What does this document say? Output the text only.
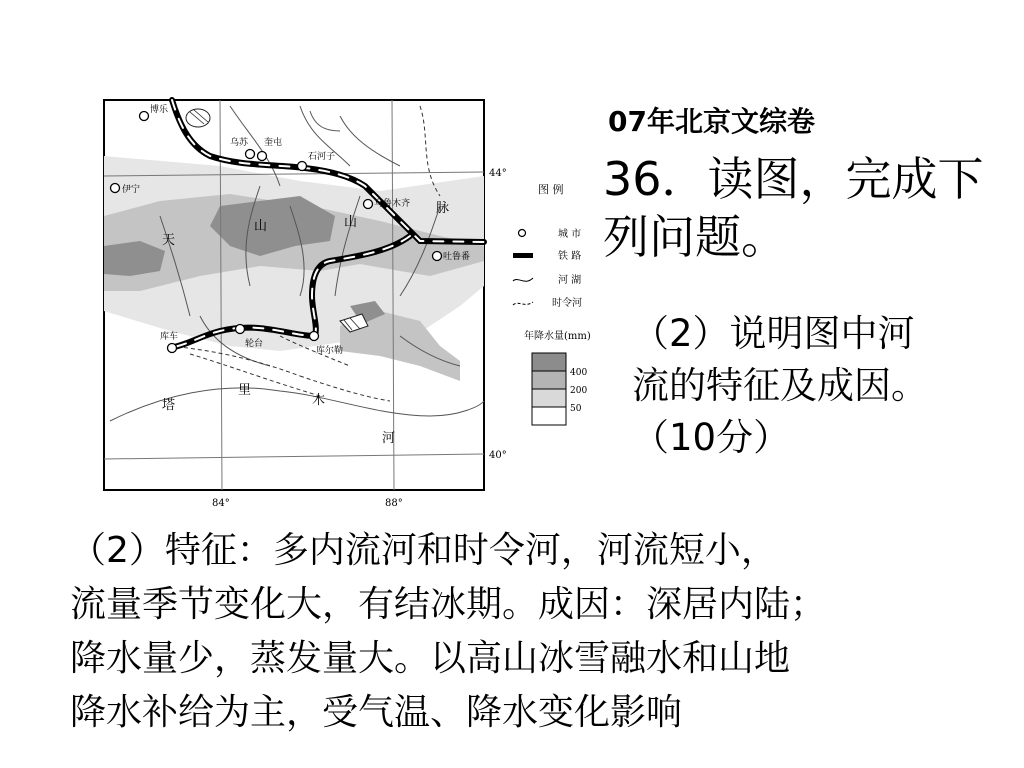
博乐
乌苏 奎屯
石河子
伊宁
乌鲁木齐
吐鲁番
库车
轮台
库尔勒
天
山	山
脉
塔
里
木
河
44°
40°
84°	88°
图 例
城 市
铁 路
河 湖
时令河
年降水量(mm)
400
200
50
07年北京文综卷
36．读图，完成下列问题。
（2）说明图中河
流的特征及成因。
（10分）
（2）特征：多内流河和时令河，河流短小，
流量季节变化大，有结冰期。成因：深居内陆；
降水量少，蒸发量大。以高山冰雪融水和山地
降水补给为主，受气温、降水变化影响
